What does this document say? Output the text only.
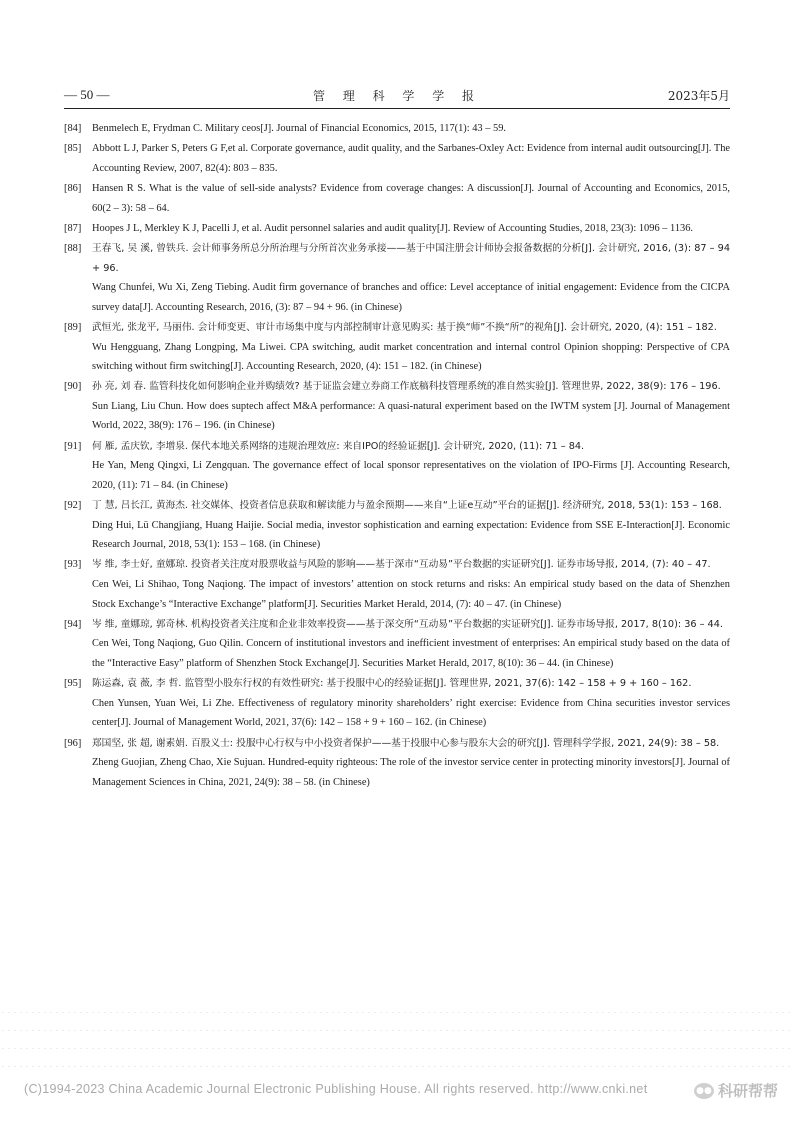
— 50 —	管 理 科 学 学 报	2023年5月
[84] Benmelech E, Frydman C. Military ceos[J]. Journal of Financial Economics, 2015, 117(1): 43 – 59.
[85] Abbott L J, Parker S, Peters G F,et al. Corporate governance, audit quality, and the Sarbanes-Oxley Act: Evidence from internal audit outsourcing[J]. The Accounting Review, 2007, 82(4): 803 – 835.
[86] Hansen R S. What is the value of sell-side analysts? Evidence from coverage changes: A discussion[J]. Journal of Accounting and Economics, 2015, 60(2 – 3): 58 – 64.
[87] Hoopes J L, Merkley K J, Pacelli J, et al. Audit personnel salaries and audit quality[J]. Review of Accounting Studies, 2018, 23(3): 1096 – 1136.
[88] 王春飞, 吴 溪, 曾铁兵. 会计师事务所总分所治理与分所首次业务承接——基于中国注册会计师协会报备数据的分析[J]. 会计研究, 2016, (3): 87 – 94 + 96.
Wang Chunfei, Wu Xi, Zeng Tiebing. Audit firm governance of branches and office: Level acceptance of initial engagement: Evidence from the CICPA survey data[J]. Accounting Research, 2016, (3): 87 – 94 + 96. (in Chinese)
[89] 武恒光, 张龙平, 马丽伟. 会计师变更、审计市场集中度与内部控制审计意见购买: 基于换“师”不换“所”的视角[J]. 会计研究, 2020, (4): 151 – 182.
Wu Hengguang, Zhang Longping, Ma Liwei. CPA switching, audit market concentration and internal control Opinion shopping: Perspective of CPA switching without firm switching[J]. Accounting Research, 2020, (4): 151 – 182. (in Chinese)
[90] 孙 亮, 刘 春. 监管科技化如何影响企业并购绩效? 基于证监会建立券商工作底稿科技管理系统的准自然实验[J]. 管理世界, 2022, 38(9): 176 – 196.
Sun Liang, Liu Chun. How does suptech affect M&A performance: A quasi-natural experiment based on the IWTM system [J]. Journal of Management World, 2022, 38(9): 176 – 196. (in Chinese)
[91] 何 雁, 孟庆钦, 李增泉. 保代本地关系网络的违规治理效应: 来自IPO的经验证据[J]. 会计研究, 2020, (11): 71 – 84.
He Yan, Meng Qingxi, Li Zengquan. The governance effect of local sponsor representatives on the violation of IPO-Firms [J]. Accounting Research, 2020, (11): 71 – 84. (in Chinese)
[92] 丁 慧, 吕长江, 黄海杰. 社交媒体、投资者信息获取和解读能力与盈余预期——来自“上证e互动”平台的证据[J]. 经济研究, 2018, 53(1): 153 – 168.
Ding Hui, Lü Changjiang, Huang Haijie. Social media, investor sophistication and earning expectation: Evidence from SSE E-Interaction[J]. Economic Research Journal, 2018, 53(1): 153 – 168. (in Chinese)
[93] 岑 维, 李士好, 童娜琼. 投资者关注度对股票收益与风险的影响——基于深市“互动易”平台数据的实证研究[J]. 证券市场导报, 2014, (7): 40 – 47.
Cen Wei, Li Shihao, Tong Naqiong. The impact of investors’ attention on stock returns and risks: An empirical study based on the data of Shenzhen Stock Exchange’s “Interactive Exchange” platform[J]. Securities Market Herald, 2014, (7): 40 – 47. (in Chinese)
[94] 岑 维, 童娜琼, 郭奇林. 机构投资者关注度和企业非效率投资——基于深交所“互动易”平台数据的实证研究[J]. 证券市场导报, 2017, 8(10): 36 – 44.
Cen Wei, Tong Naqiong, Guo Qilin. Concern of institutional investors and inefficient investment of enterprises: An empirical study based on the data of the “Interactive Easy” platform of Shenzhen Stock Exchange[J]. Securities Market Herald, 2017, 8(10): 36 – 44. (in Chinese)
[95] 陈运森, 袁 薇, 李 哲. 监管型小股东行权的有效性研究: 基于投服中心的经验证据[J]. 管理世界, 2021, 37(6): 142 – 158 + 9 + 160 – 162.
Chen Yunsen, Yuan Wei, Li Zhe. Effectiveness of regulatory minority shareholders’ right exercise: Evidence from China securities investor services center[J]. Journal of Management World, 2021, 37(6): 142 – 158 + 9 + 160 – 162. (in Chinese)
[96] 郑国坚, 张 超, 谢素娟. 百股义士: 投服中心行权与中小投资者保护——基于投服中心参与股东大会的研究[J]. 管理科学学报, 2021, 24(9): 38 – 58.
Zheng Guojian, Zheng Chao, Xie Sujuan. Hundred-equity righteous: The role of the investor service center in protecting minority investors[J]. Journal of Management Sciences in China, 2021, 24(9): 38 – 58. (in Chinese)
(C)1994-2023 China Academic Journal Electronic Publishing House. All rights reserved. http://www.cnki.net	●● 科研帮帮
